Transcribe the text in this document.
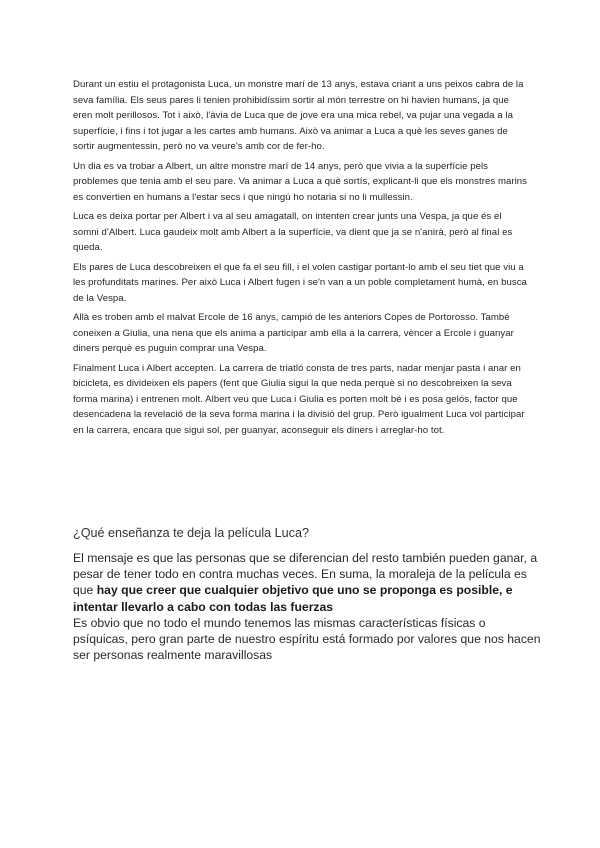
Durant un estiu el protagonista Luca, un monstre marí de 13 anys, estava criant a uns peixos cabra de la seva família. Els seus pares li tenien prohibidíssim sortir al món terrestre on hi havien humans, ja que eren molt perillosos. Tot i això, l'àvia de Luca que de jove era una mica rebel, va pujar una vegada a la superfície, i fins i tot jugar a les cartes amb humans. Això va animar a Luca a què les seves ganes de sortir augmentessin, però no va veure's amb cor de fer-ho.

Un dia es va trobar a Albert, un altre monstre marí de 14 anys, però que vivia a la superfície pels problemes que tenia amb el seu pare. Va animar a Luca a què sortís, explicant-li que els monstres marins es convertien en humans a l'estar secs i que ningú ho notaria si no li mullessin.

Luca es deixa portar per Albert i va al seu amagatall, on intenten crear junts una Vespa, ja que és el somni d'Albert. Luca gaudeix molt amb Albert a la superfície, va dient que ja se n'anirà, però al final es queda.

Els pares de Luca descobreixen el que fa el seu fill, i el volen castigar portant-lo amb el seu tiet que viu a les profunditats marines. Per això Luca i Albert fugen i se'n van a un poble completament humà, en busca de la Vespa.

Allà es troben amb el malvat Ercole de 16 anys, campió de les anteriors Copes de Portorosso. També coneixen a Giulia, una nena que els anima a participar amb ella a la carrera, vèncer a Ercole i guanyar diners perquè es puguin comprar una Vespa.

Finalment Luca i Albert accepten. La carrera de triatló consta de tres parts, nadar menjar pasta i anar en bicicleta, es divideixen els papers (fent que Giulia sigui la que neda perquè si no descobreixen la seva forma marina) i entrenen molt. Albert veu que Luca i Giulia es porten molt bé i es posa gelós, factor que desencadena la revelació de la seva forma marina i la divisió del grup. Però igualment Luca vol participar en la carrera, encara que sigui sol, per guanyar, aconseguir els diners i arreglar-ho tot.

¿Qué enseñanza te deja la película Luca?

El mensaje es que las personas que se diferencian del resto también pueden ganar, a pesar de tener todo en contra muchas veces. En suma, la moraleja de la película es que hay que creer que cualquier objetivo que uno se proponga es posible, e intentar llevarlo a cabo con todas las fuerzas

Es obvio que no todo el mundo tenemos las mismas características físicas o psíquicas, pero gran parte de nuestro espíritu está formado por valores que nos hacen ser personas realmente maravillosas
